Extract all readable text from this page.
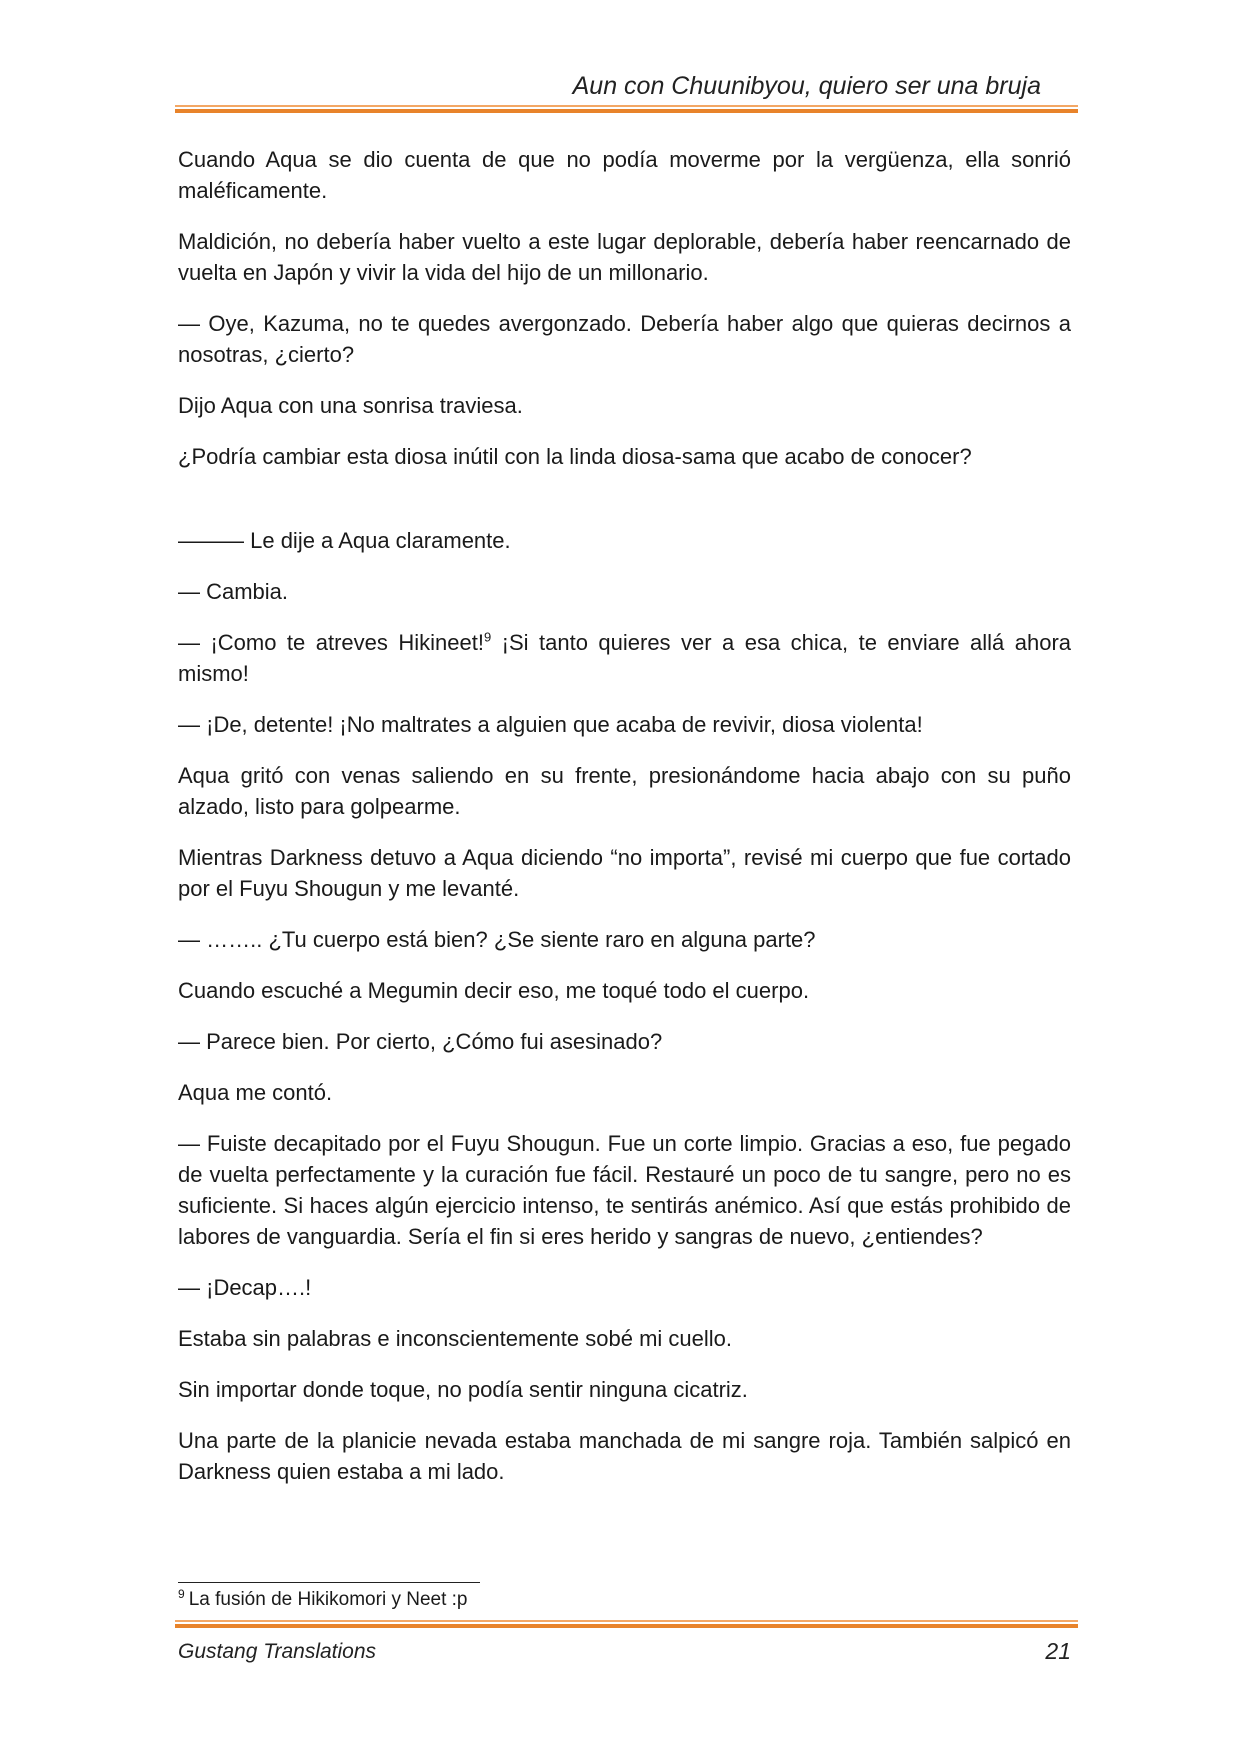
Aun con Chuunibyou, quiero ser una bruja

Cuando Aqua se dio cuenta de que no podía moverme por la vergüenza, ella sonrió maléficamente.

Maldición, no debería haber vuelto a este lugar deplorable, debería haber reencarnado de vuelta en Japón y vivir la vida del hijo de un millonario.

— Oye, Kazuma, no te quedes avergonzado. Debería haber algo que quieras decirnos a nosotras, ¿cierto?

Dijo Aqua con una sonrisa traviesa.

¿Podría cambiar esta diosa inútil con la linda diosa-sama que acabo de conocer?

——— Le dije a Aqua claramente.

— Cambia.

— ¡Como te atreves Hikineet!$^9$ ¡Si tanto quieres ver a esa chica, te enviare allá ahora mismo!

— ¡De, detente! ¡No maltrates a alguien que acaba de revivir, diosa violenta!

Aqua gritó con venas saliendo en su frente, presionándome hacia abajo con su puño alzado, listo para golpearme.

Mientras Darkness detuvo a Aqua diciendo “no importa”, revisé mi cuerpo que fue cortado por el Fuyu Shougun y me levanté.

— …….. ¿Tu cuerpo está bien? ¿Se siente raro en alguna parte?

Cuando escuché a Megumin decir eso, me toqué todo el cuerpo.

— Parece bien. Por cierto, ¿Cómo fui asesinado?

Aqua me contó.

— Fuiste decapitado por el Fuyu Shougun. Fue un corte limpio. Gracias a eso, fue pegado de vuelta perfectamente y la curación fue fácil. Restauré un poco de tu sangre, pero no es suficiente. Si haces algún ejercicio intenso, te sentirás anémico. Así que estás prohibido de labores de vanguardia. Sería el fin si eres herido y sangras de nuevo, ¿entiendes?

— ¡Decap….!

Estaba sin palabras e inconscientemente sobé mi cuello.

Sin importar donde toque, no podía sentir ninguna cicatriz.

Una parte de la planicie nevada estaba manchada de mi sangre roja. También salpicó en Darkness quien estaba a mi lado.

$^9$ La fusión de Hikikomori y Neet :p
Gustang Translations	21
